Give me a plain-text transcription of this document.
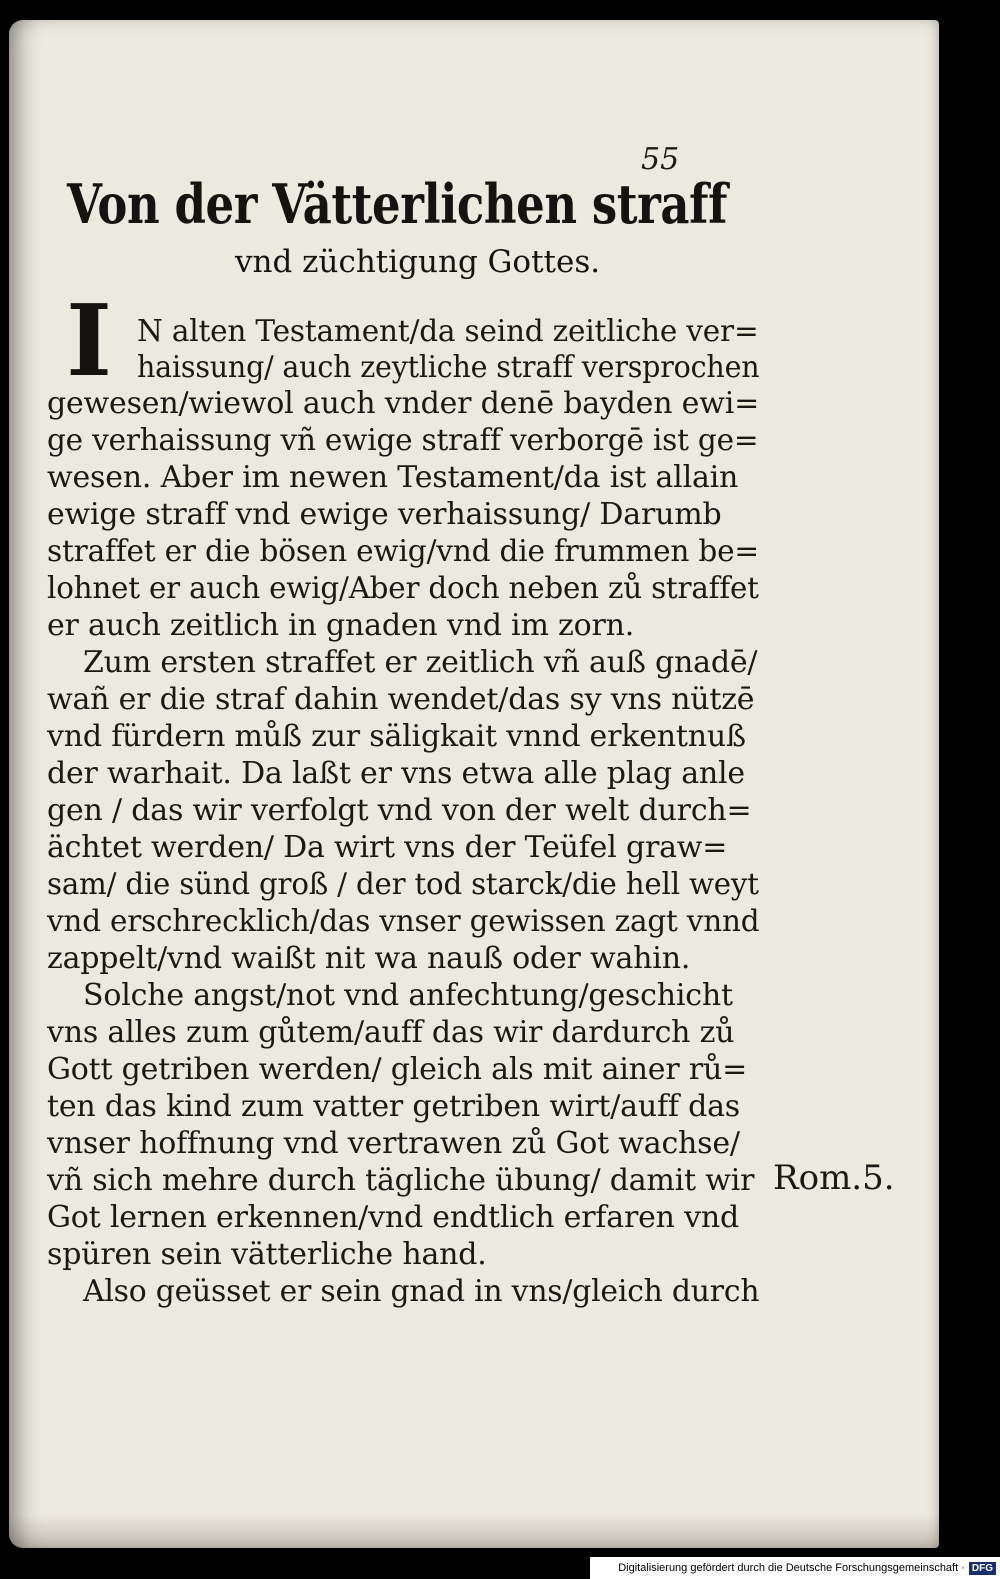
55
Von der Vätterlichen straff
vnd züchtigung Gottes.
I N alten Testament/da seind zeitliche ver=
haissung/ auch zeytliche straff versprochen
gewesen/wiewol auch vnder denē bayden ewi=
ge verhaissung vñ ewige straff verborgē ist ge=
wesen. Aber im newen Testament/da ist allain
ewige straff vnd ewige verhaissung/ Darumb
straffet er die bösen ewig/vnd die frummen be=
lohnet er auch ewig/Aber doch neben zů straffet
er auch zeitlich in gnaden vnd im zorn.
Zum ersten straffet er zeitlich vñ auß gnadē/
wañ er die straf dahin wendet/das sy vns nützē
vnd fürdern můß zur säligkait vnnd erkentnuß
der warhait. Da laßt er vns etwa alle plag anle
gen / das wir verfolgt vnd von der welt durch=
ächtet werden/ Da wirt vns der Teüfel graw=
sam/ die sünd groß / der tod starck/die hell weyt
vnd erschrecklich/das vnser gewissen zagt vnnd
zappelt/vnd waißt nit wa nauß oder wahin.
Solche angst/not vnd anfechtung/geschicht
vns alles zum gůtem/auff das wir dardurch zů
Gott getriben werden/ gleich als mit ainer rů=
ten das kind zum vatter getriben wirt/auff das
vnser hoffnung vnd vertrawen zů Got wachse/
vñ sich mehre durch tägliche übung/ damit wir
Got lernen erkennen/vnd endtlich erfaren vnd
spüren sein vätterliche hand.
Also geüsset er sein gnad in vns/gleich durch
Rom.5.
Digitalisierung gefördert durch die Deutsche Forschungsgemeinschaft · DFG
